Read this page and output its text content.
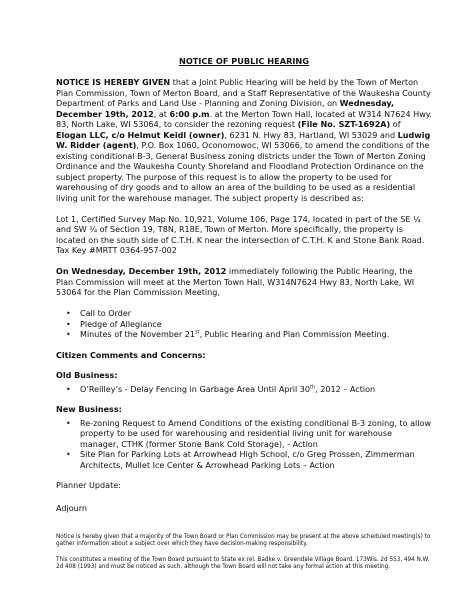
NOTICE OF PUBLIC HEARING

NOTICE IS HEREBY GIVEN that a Joint Public Hearing will be held by the Town of Merton Plan Commission, Town of Merton Board, and a Staff Representative of the Waukesha County Department of Parks and Land Use - Planning and Zoning Division, on Wednesday, December 19th, 2012, at 6:00 p.m. at the Merton Town Hall, located at W314 N7624 Hwy. 83, North Lake, WI 53064, to consider the rezoning request (File No. SZT-1692A) of Elogan LLC, c/o Helmut Keidl (owner), 6231 N. Hwy 83, Hartland, WI 53029 and Ludwig W. Ridder (agent), P.O. Box 1060, Oconomowoc, WI 53066, to amend the conditions of the existing conditional B-3, General Business zoning districts under the Town of Merton Zoning Ordinance and the Waukesha County Shoreland and Floodland Protection Ordinance on the subject property. The purpose of this request is to allow the property to be used for warehousing of dry goods and to allow an area of the building to be used as a residential living unit for the warehouse manager. The subject property is described as:

Lot 1, Certified Survey Map No. 10,921, Volume 106, Page 174, located in part of the SE ¼ and SW ¼ of Section 19, T8N, R18E, Town of Merton. More specifically, the property is located on the south side of C.T.H. K near the intersection of C.T.H. K and Stone Bank Road. Tax Key #MRTT 0364-957-002

On Wednesday, December 19th, 2012 immediately following the Public Hearing, the Plan Commission will meet at the Merton Town Hall, W314N7624 Hwy 83, North Lake, WI 53064 for the Plan Commission Meeting,

• Call to Order
• Pledge of Allegiance
• Minutes of the November 21st, Public Hearing and Plan Commission Meeting.
Citizen Comments and Concerns:
Old Business:
• O’Reilley’s - Delay Fencing in Garbage Area Until April 30th, 2012 – Action
New Business:
• Re-zoning Request to Amend Conditions of the existing conditional B-3 zoning, to allow property to be used for warehousing and residential living unit for warehouse manager, CTHK (former Stone Bank Cold Storage), - Action
• Site Plan for Parking Lots at Arrowhead High School, c/o Greg Prossen, Zimmerman Architects, Mullet Ice Center & Arrowhead Parking Lots – Action
Planner Update:
Adjourn
Notice is hereby given that a majority of the Town Board or Plan Commission may be present at the above scheduled meeting(s) to gather information about a subject over which they have decision-making responsibility.
This constitutes a meeting of the Town Board pursuant to State ex rel. Badke v. Greendale Village Board. 173Wis. 2d 553, 494 N.W. 2d 408 (1993) and must be noticed as such, although the Town Board will not take any formal action at this meeting.
